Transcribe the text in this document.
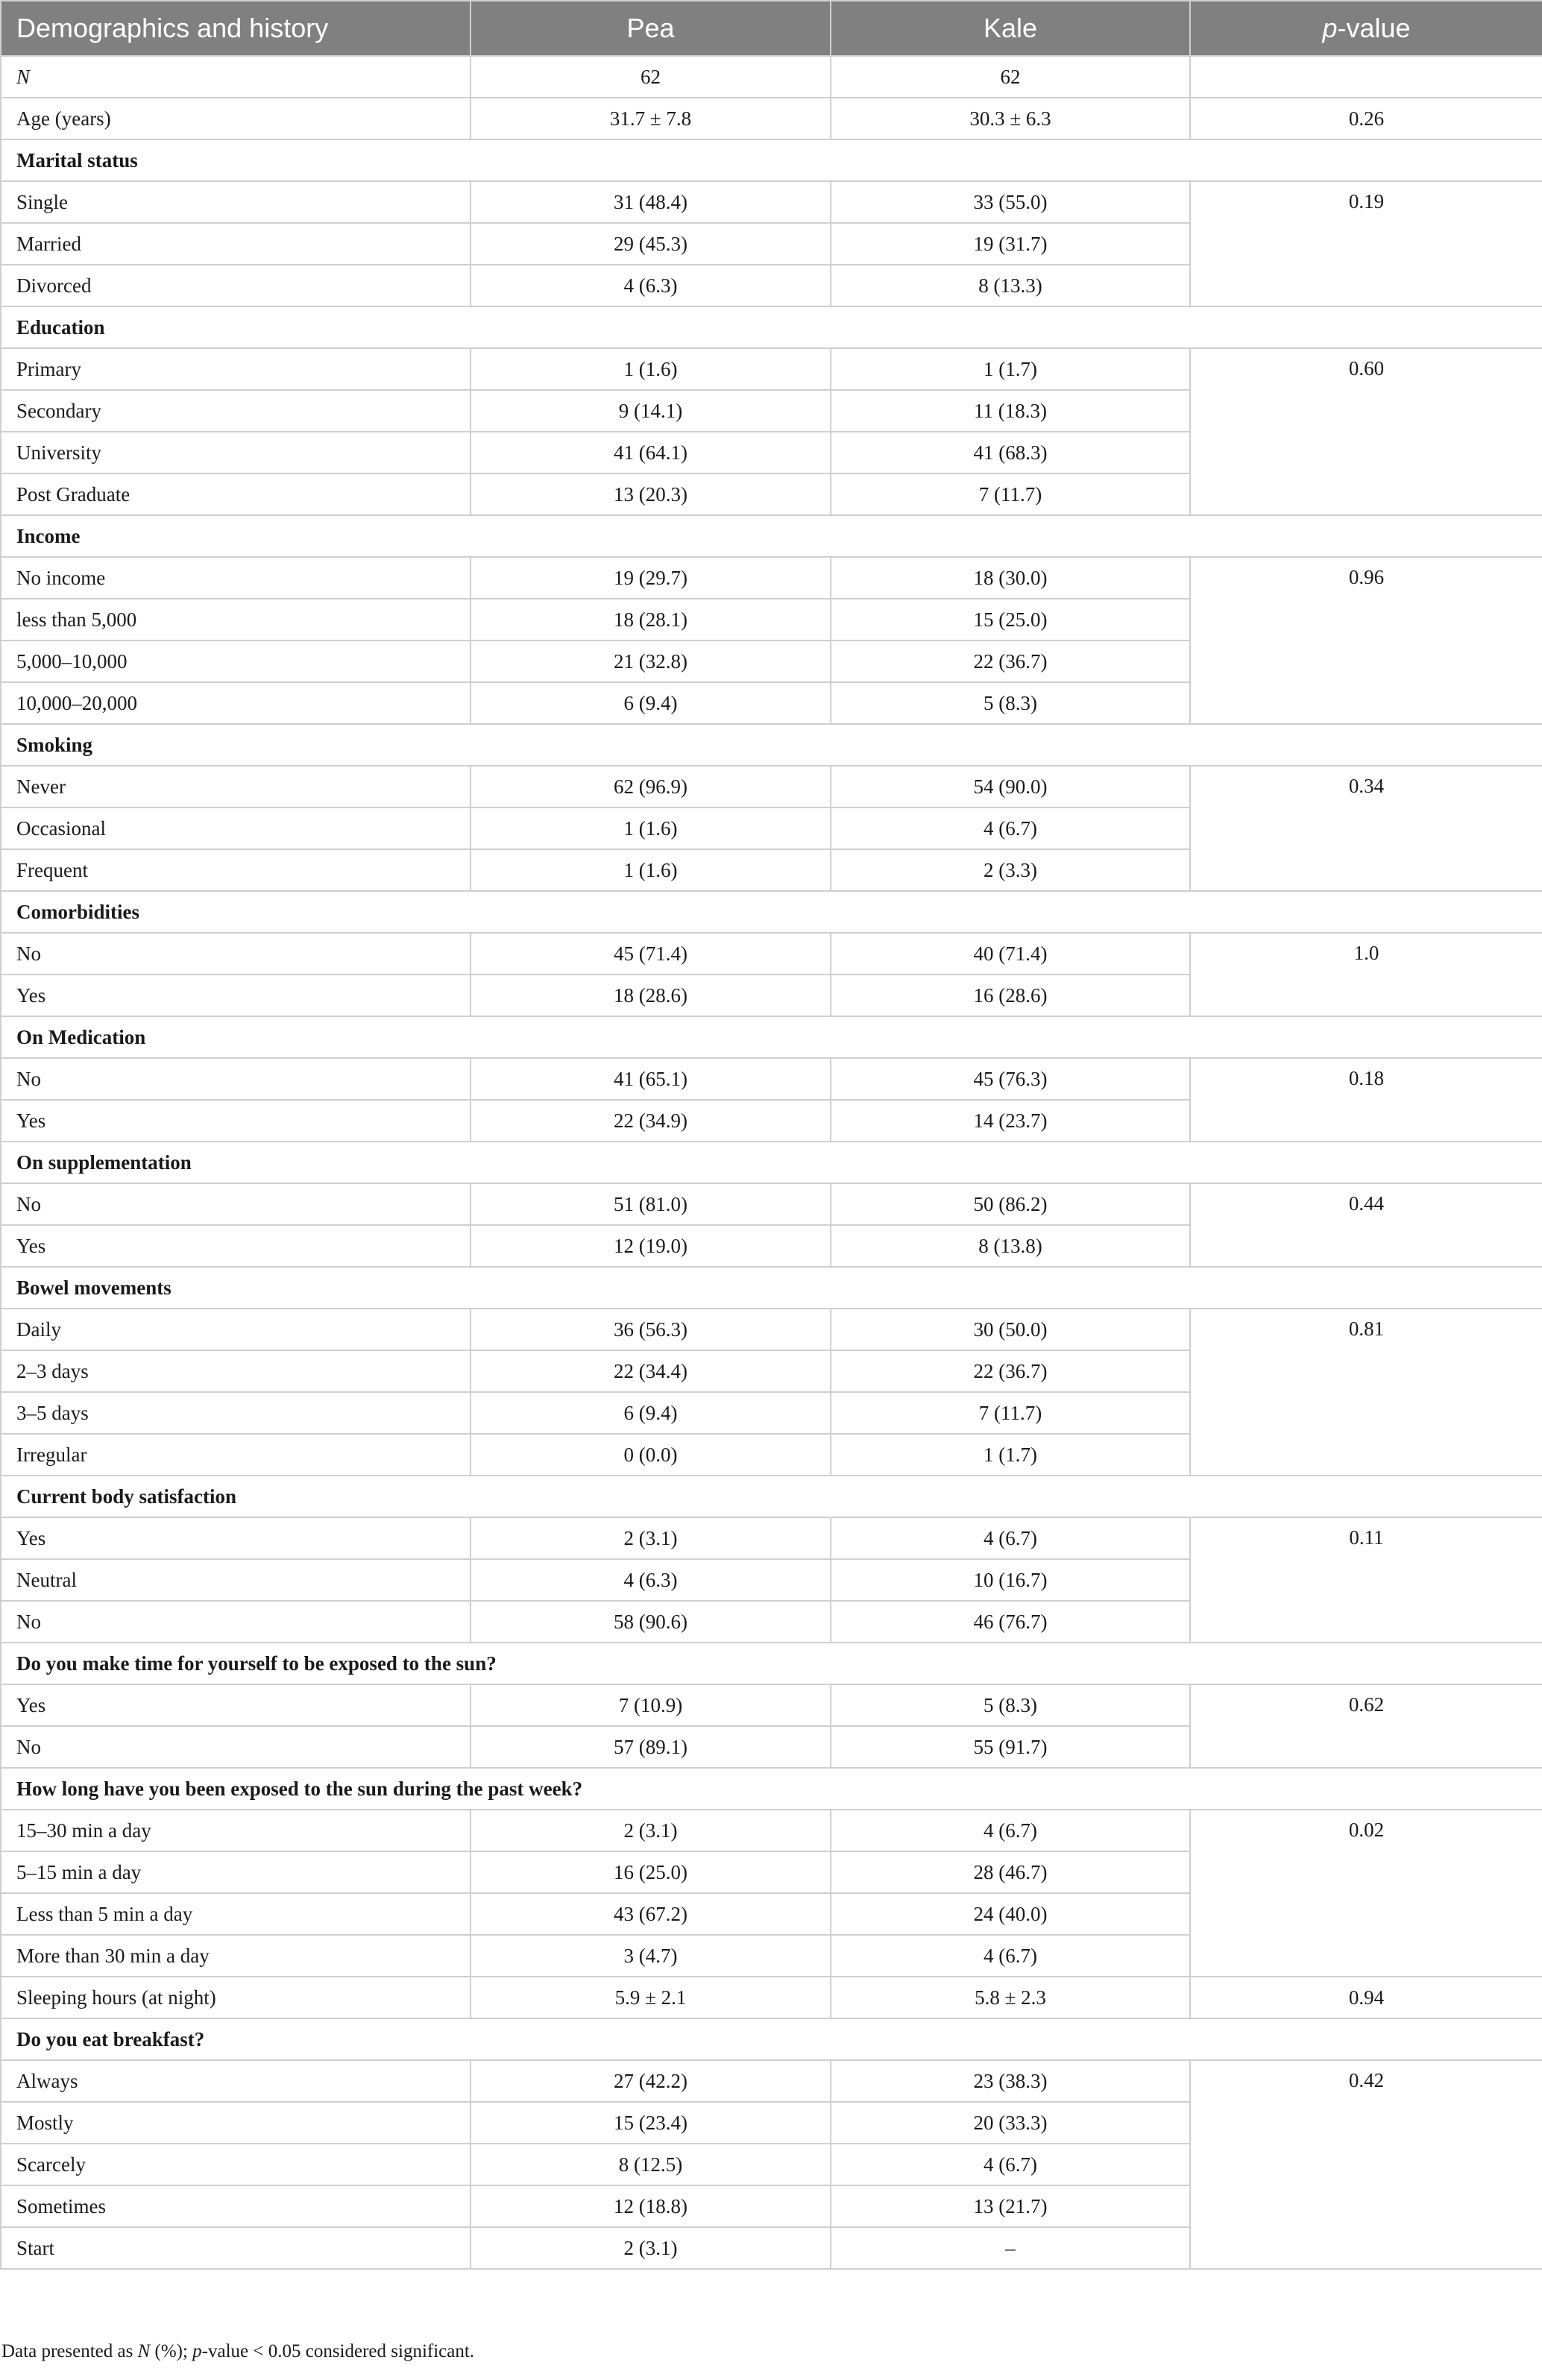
Demographics and history	Pea	Kale	p-value
N	62	62	
Age (years)	31.7 ± 7.8	30.3 ± 6.3	0.26
Marital status			
Single	31 (48.4)	33 (55.0)	0.19
Married	29 (45.3)	19 (31.7)	
Divorced	4 (6.3)	8 (13.3)	
Education			
Primary	1 (1.6)	1 (1.7)	0.60
Secondary	9 (14.1)	11 (18.3)	
University	41 (64.1)	41 (68.3)	
Post Graduate	13 (20.3)	7 (11.7)	
Income			
No income	19 (29.7)	18 (30.0)	0.96
less than 5,000	18 (28.1)	15 (25.0)	
5,000–10,000	21 (32.8)	22 (36.7)	
10,000–20,000	6 (9.4)	5 (8.3)	
Smoking			
Never	62 (96.9)	54 (90.0)	0.34
Occasional	1 (1.6)	4 (6.7)	
Frequent	1 (1.6)	2 (3.3)	
Comorbidities			
No	45 (71.4)	40 (71.4)	1.0
Yes	18 (28.6)	16 (28.6)	
On Medication			
No	41 (65.1)	45 (76.3)	0.18
Yes	22 (34.9)	14 (23.7)	
On supplementation			
No	51 (81.0)	50 (86.2)	0.44
Yes	12 (19.0)	8 (13.8)	
Bowel movements			
Daily	36 (56.3)	30 (50.0)	0.81
2–3 days	22 (34.4)	22 (36.7)	
3–5 days	6 (9.4)	7 (11.7)	
Irregular	0 (0.0)	1 (1.7)	
Current body satisfaction			
Yes	2 (3.1)	4 (6.7)	0.11
Neutral	4 (6.3)	10 (16.7)	
No	58 (90.6)	46 (76.7)	
Do you make time for yourself to be exposed to the sun?			
Yes	7 (10.9)	5 (8.3)	0.62
No	57 (89.1)	55 (91.7)	
How long have you been exposed to the sun during the past week?			
15–30 min a day	2 (3.1)	4 (6.7)	0.02
5–15 min a day	16 (25.0)	28 (46.7)	
Less than 5 min a day	43 (67.2)	24 (40.0)	
More than 30 min a day	3 (4.7)	4 (6.7)	
Sleeping hours (at night)	5.9 ± 2.1	5.8 ± 2.3	0.94
Do you eat breakfast?			
Always	27 (42.2)	23 (38.3)	0.42
Mostly	15 (23.4)	20 (33.3)	
Scarcely	8 (12.5)	4 (6.7)	
Sometimes	12 (18.8)	13 (21.7)	
Start	2 (3.1)	–	
Data presented as N (%); p-value < 0.05 considered significant.
